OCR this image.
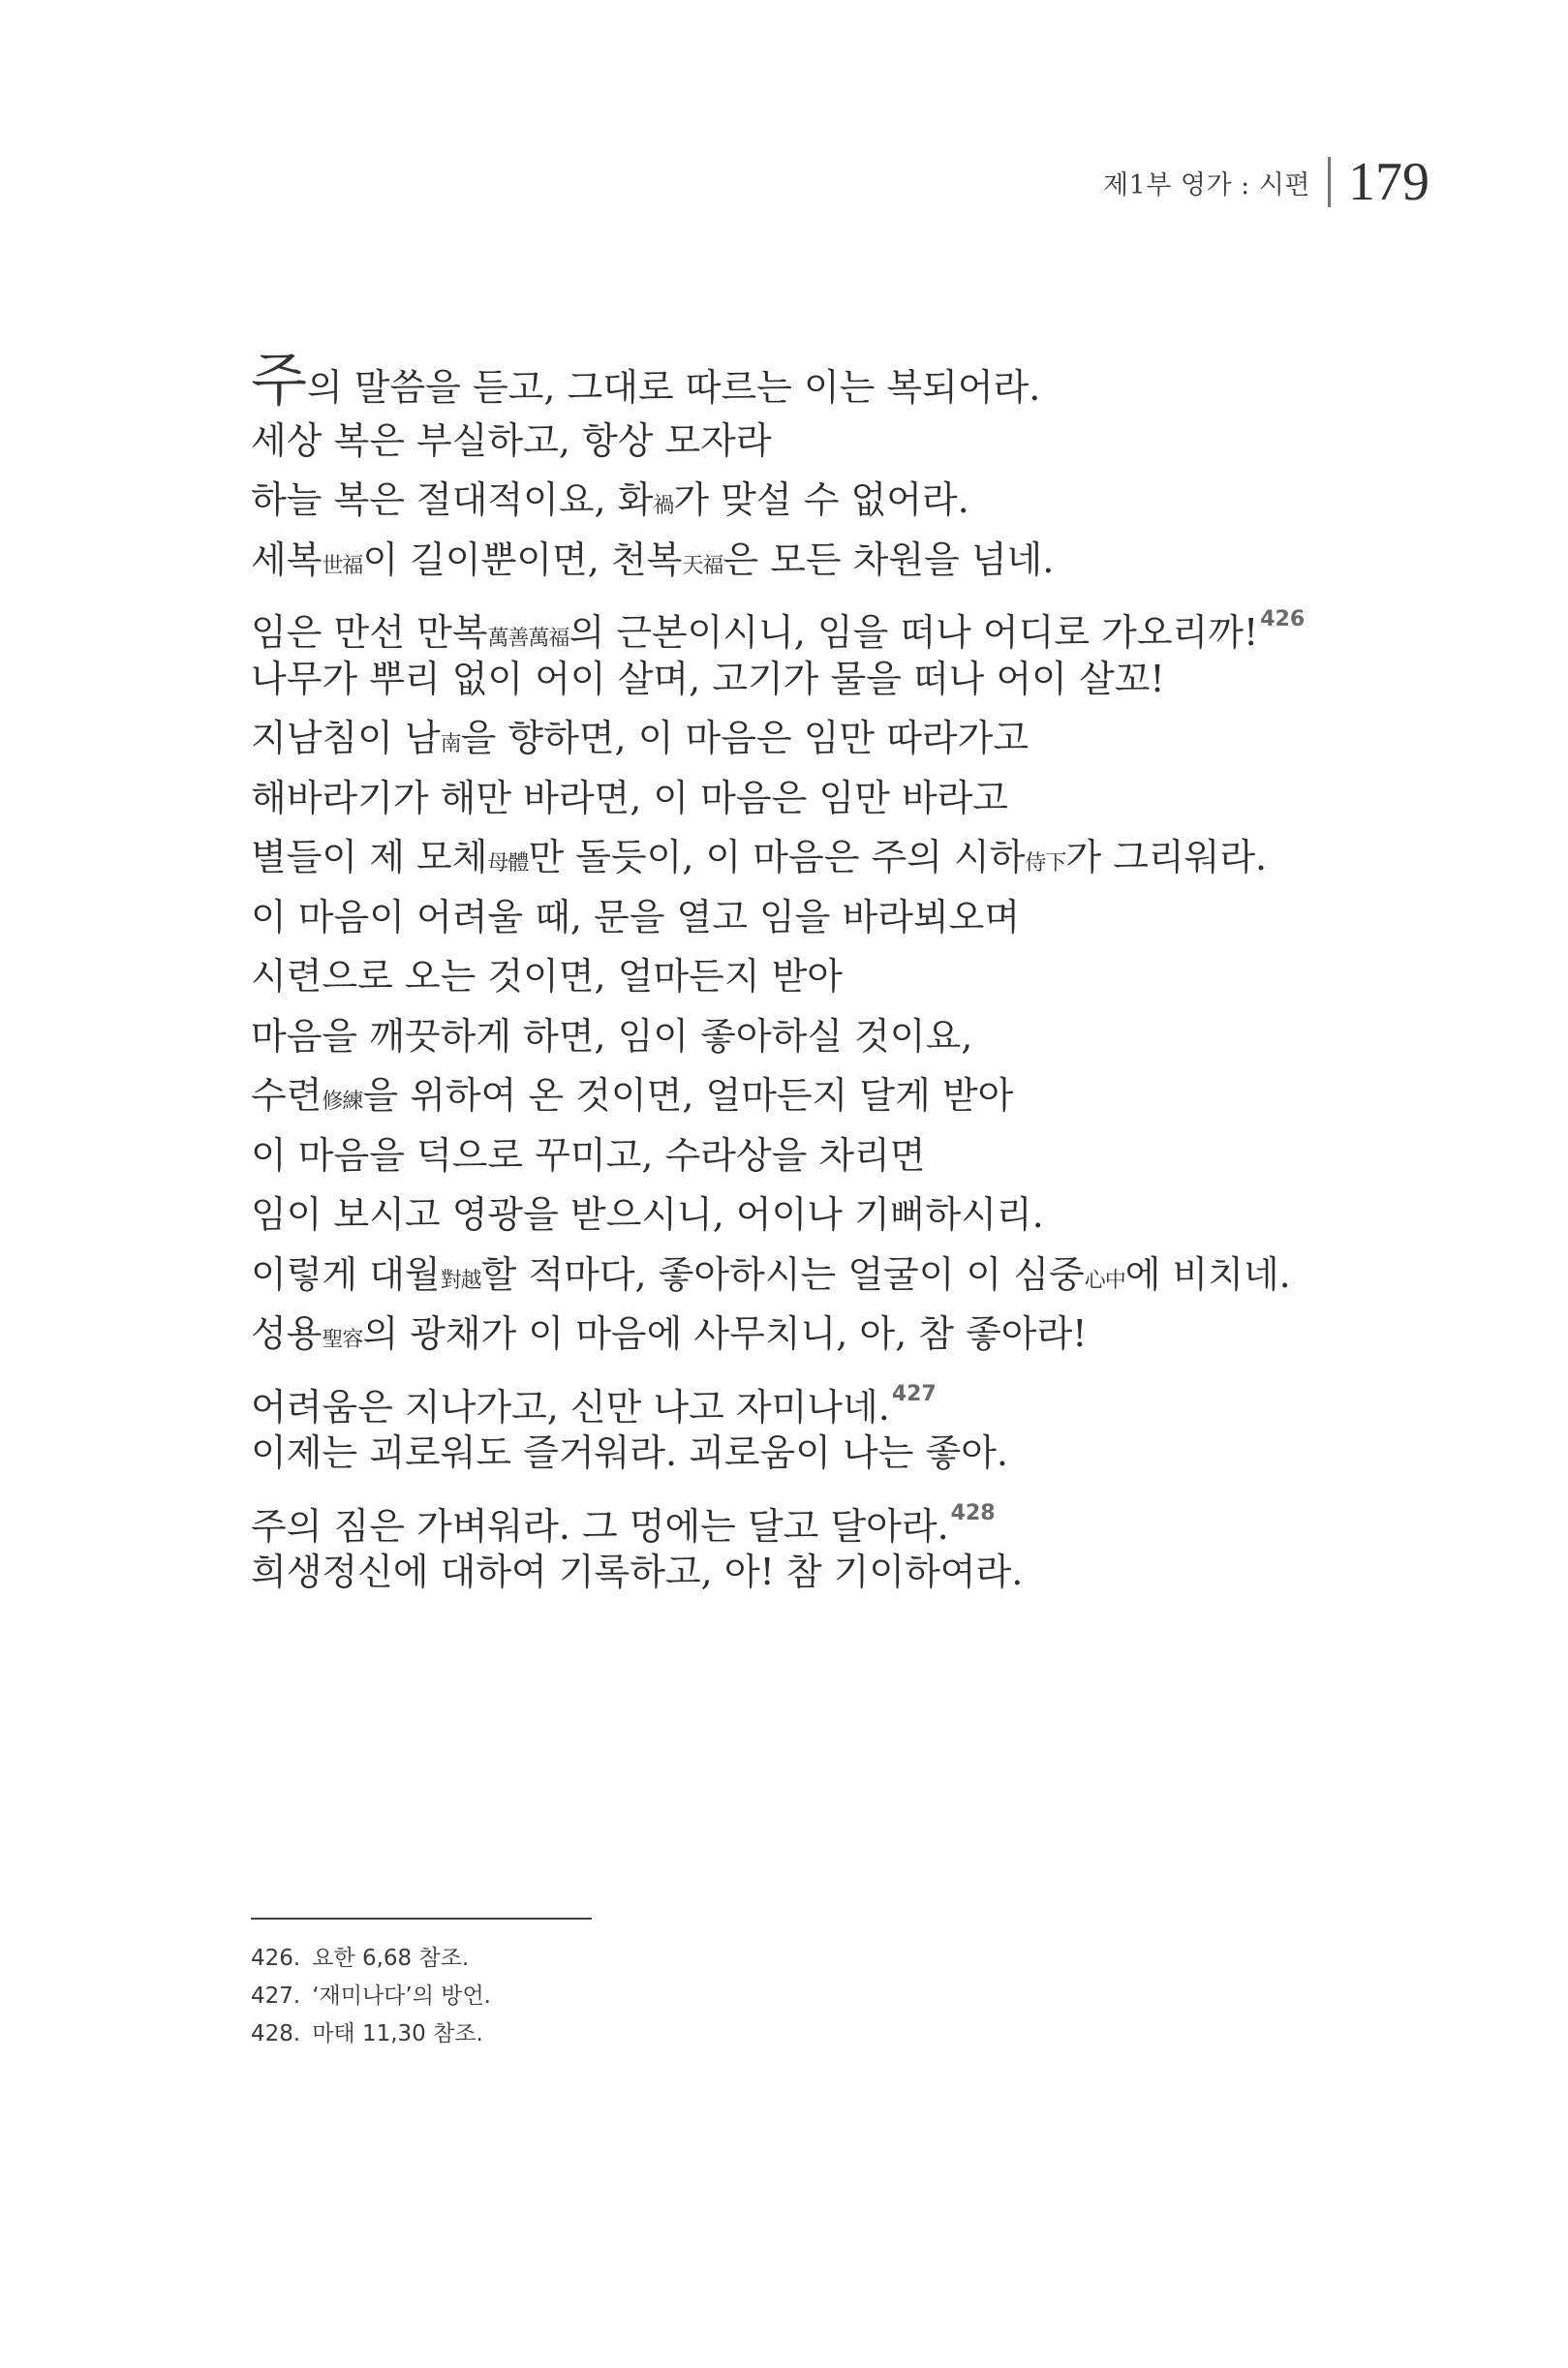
제1부 영가 : 시편 179
주의 말씀을 듣고, 그대로 따르는 이는 복되어라.
세상 복은 부실하고, 항상 모자라
하늘 복은 절대적이요, 화禍가 맞설 수 없어라.
세복世福이 길이뿐이면, 천복天福은 모든 차원을 넘네.
임은 만선 만복萬善萬福의 근본이시니, 임을 떠나 어디로 가오리까!$^{426}$
나무가 뿌리 없이 어이 살며, 고기가 물을 떠나 어이 살꼬!
지남침이 남南을 향하면, 이 마음은 임만 따라가고
해바라기가 해만 바라면, 이 마음은 임만 바라고
별들이 제 모체母體만 돌듯이, 이 마음은 주의 시하侍下가 그리워라.
이 마음이 어려울 때, 문을 열고 임을 바라뵈오며
시련으로 오는 것이면, 얼마든지 받아
마음을 깨끗하게 하면, 임이 좋아하실 것이요,
수련修練을 위하여 온 것이면, 얼마든지 달게 받아
이 마음을 덕으로 꾸미고, 수라상을 차리면
임이 보시고 영광을 받으시니, 어이나 기뻐하시리.
이렇게 대월對越할 적마다, 좋아하시는 얼굴이 이 심중心中에 비치네.
성용聖容의 광채가 이 마음에 사무치니, 아, 참 좋아라!
어려움은 지나가고, 신만 나고 자미나네.$^{427}$
이제는 괴로워도 즐거워라. 괴로움이 나는 좋아.
주의 짐은 가벼워라. 그 멍에는 달고 달아라.$^{428}$
희생정신에 대하여 기록하고, 아! 참 기이하여라.
426. 요한 6,68 참조.
427. ‘재미나다’의 방언.
428. 마태 11,30 참조.
